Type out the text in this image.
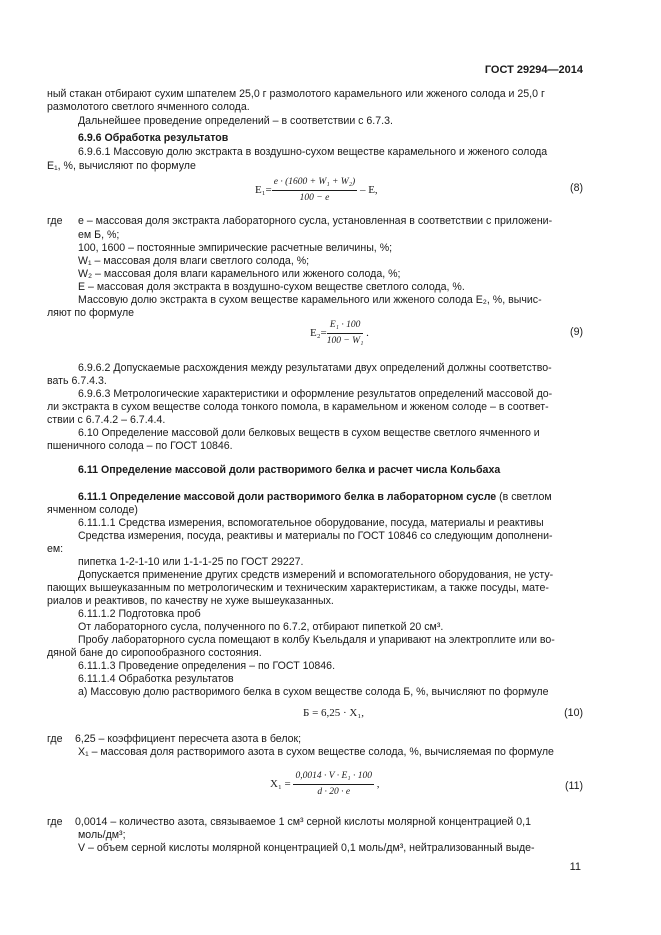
ГОСТ 29294—2014
ный стакан отбирают сухим шпателем 25,0 г размолотого карамельного или жженого солода и 25,0 г
размолотого светлого ячменного солода.
Дальнейшее проведение определений – в соответствии с 6.7.3.
6.9.6 Обработка результатов
6.9.6.1 Массовую долю экстракта в воздушно-сухом веществе карамельного и жженого солода
E₁, %, вычисляют по формуле
$E_1= \frac{\text{e · (1600 + W₁ + W₂)}}{100 - e} - E$,	(8)
где e – массовая доля экстракта лабораторного сусла, установленная в соответствии с приложени-
ем Б, %;
100, 1600 – постоянные эмпирические расчетные величины, %;
W₁ – массовая доля влаги светлого солода, %;
W₂ – массовая доля влаги карамельного или жженого солода, %;
E – массовая доля экстракта в воздушно-сухом веществе светлого солода, %.
Массовую долю экстракта в сухом веществе карамельного или жженого солода E₂, %, вычис-
ляют по формуле
$E_2= \frac{\text{E₁ · 100}}{\text{100 − W₁}}$ .	(9)
6.9.6.2 Допускаемые расхождения между результатами двух определений должны соответство-
вать 6.7.4.3.
6.9.6.3 Метрологические характеристики и оформление результатов определений массовой до-
ли экстракта в сухом веществе солода тонкого помола, в карамельном и жженом солоде – в соответ-
ствии с 6.7.4.2 – 6.7.4.4.
6.10 Определение массовой доли белковых веществ в сухом веществе светлого ячменного и
пшеничного солода – по ГОСТ 10846.
6.11 Определение массовой доли растворимого белка и расчет числа Кольбаха
6.11.1 Определение массовой доли растворимого белка в лабораторном сусле (в светлом
ячменном солоде)
6.11.1.1 Средства измерения, вспомогательное оборудование, посуда, материалы и реактивы
Средства измерения, посуда, реактивы и материалы по ГОСТ 10846 со следующим дополнени-
ем:
пипетка 1-2-1-10 или 1-1-1-25 по ГОСТ 29227.
Допускается применение других средств измерений и вспомогательного оборудования, не усту-
пающих вышеуказанным по метрологическим и техническим характеристикам, а также посуды, мате-
риалов и реактивов, по качеству не хуже вышеуказанных.
6.11.1.2 Подготовка проб
От лабораторного сусла, полученного по 6.7.2, отбирают пипеткой 20 см³.
Пробу лабораторного сусла помещают в колбу Къельдаля и упаривают на электроплите или во-
дяной бане до сиропообразного состояния.
6.11.1.3 Проведение определения – по ГОСТ 10846.
6.11.1.4 Обработка результатов
а) Массовую долю растворимого белка в сухом веществе солода Б, %, вычисляют по формуле
Б = 6,25 · X₁,	(10)
где 6,25 – коэффициент пересчета азота в белок;
X₁ – массовая доля растворимого азота в сухом веществе солода, %, вычисляемая по формуле
$X_1 = \frac{\text{0,0014 · V · E₁ · 100}}{d \cdot 20 \cdot e}$ ,	(11)
где 0,0014 – количество азота, связываемое 1 см³ серной кислоты молярной концентрацией 0,1
моль/дм³;
V – объем серной кислоты молярной концентрацией 0,1 моль/дм³, нейтрализованный выде-
11
